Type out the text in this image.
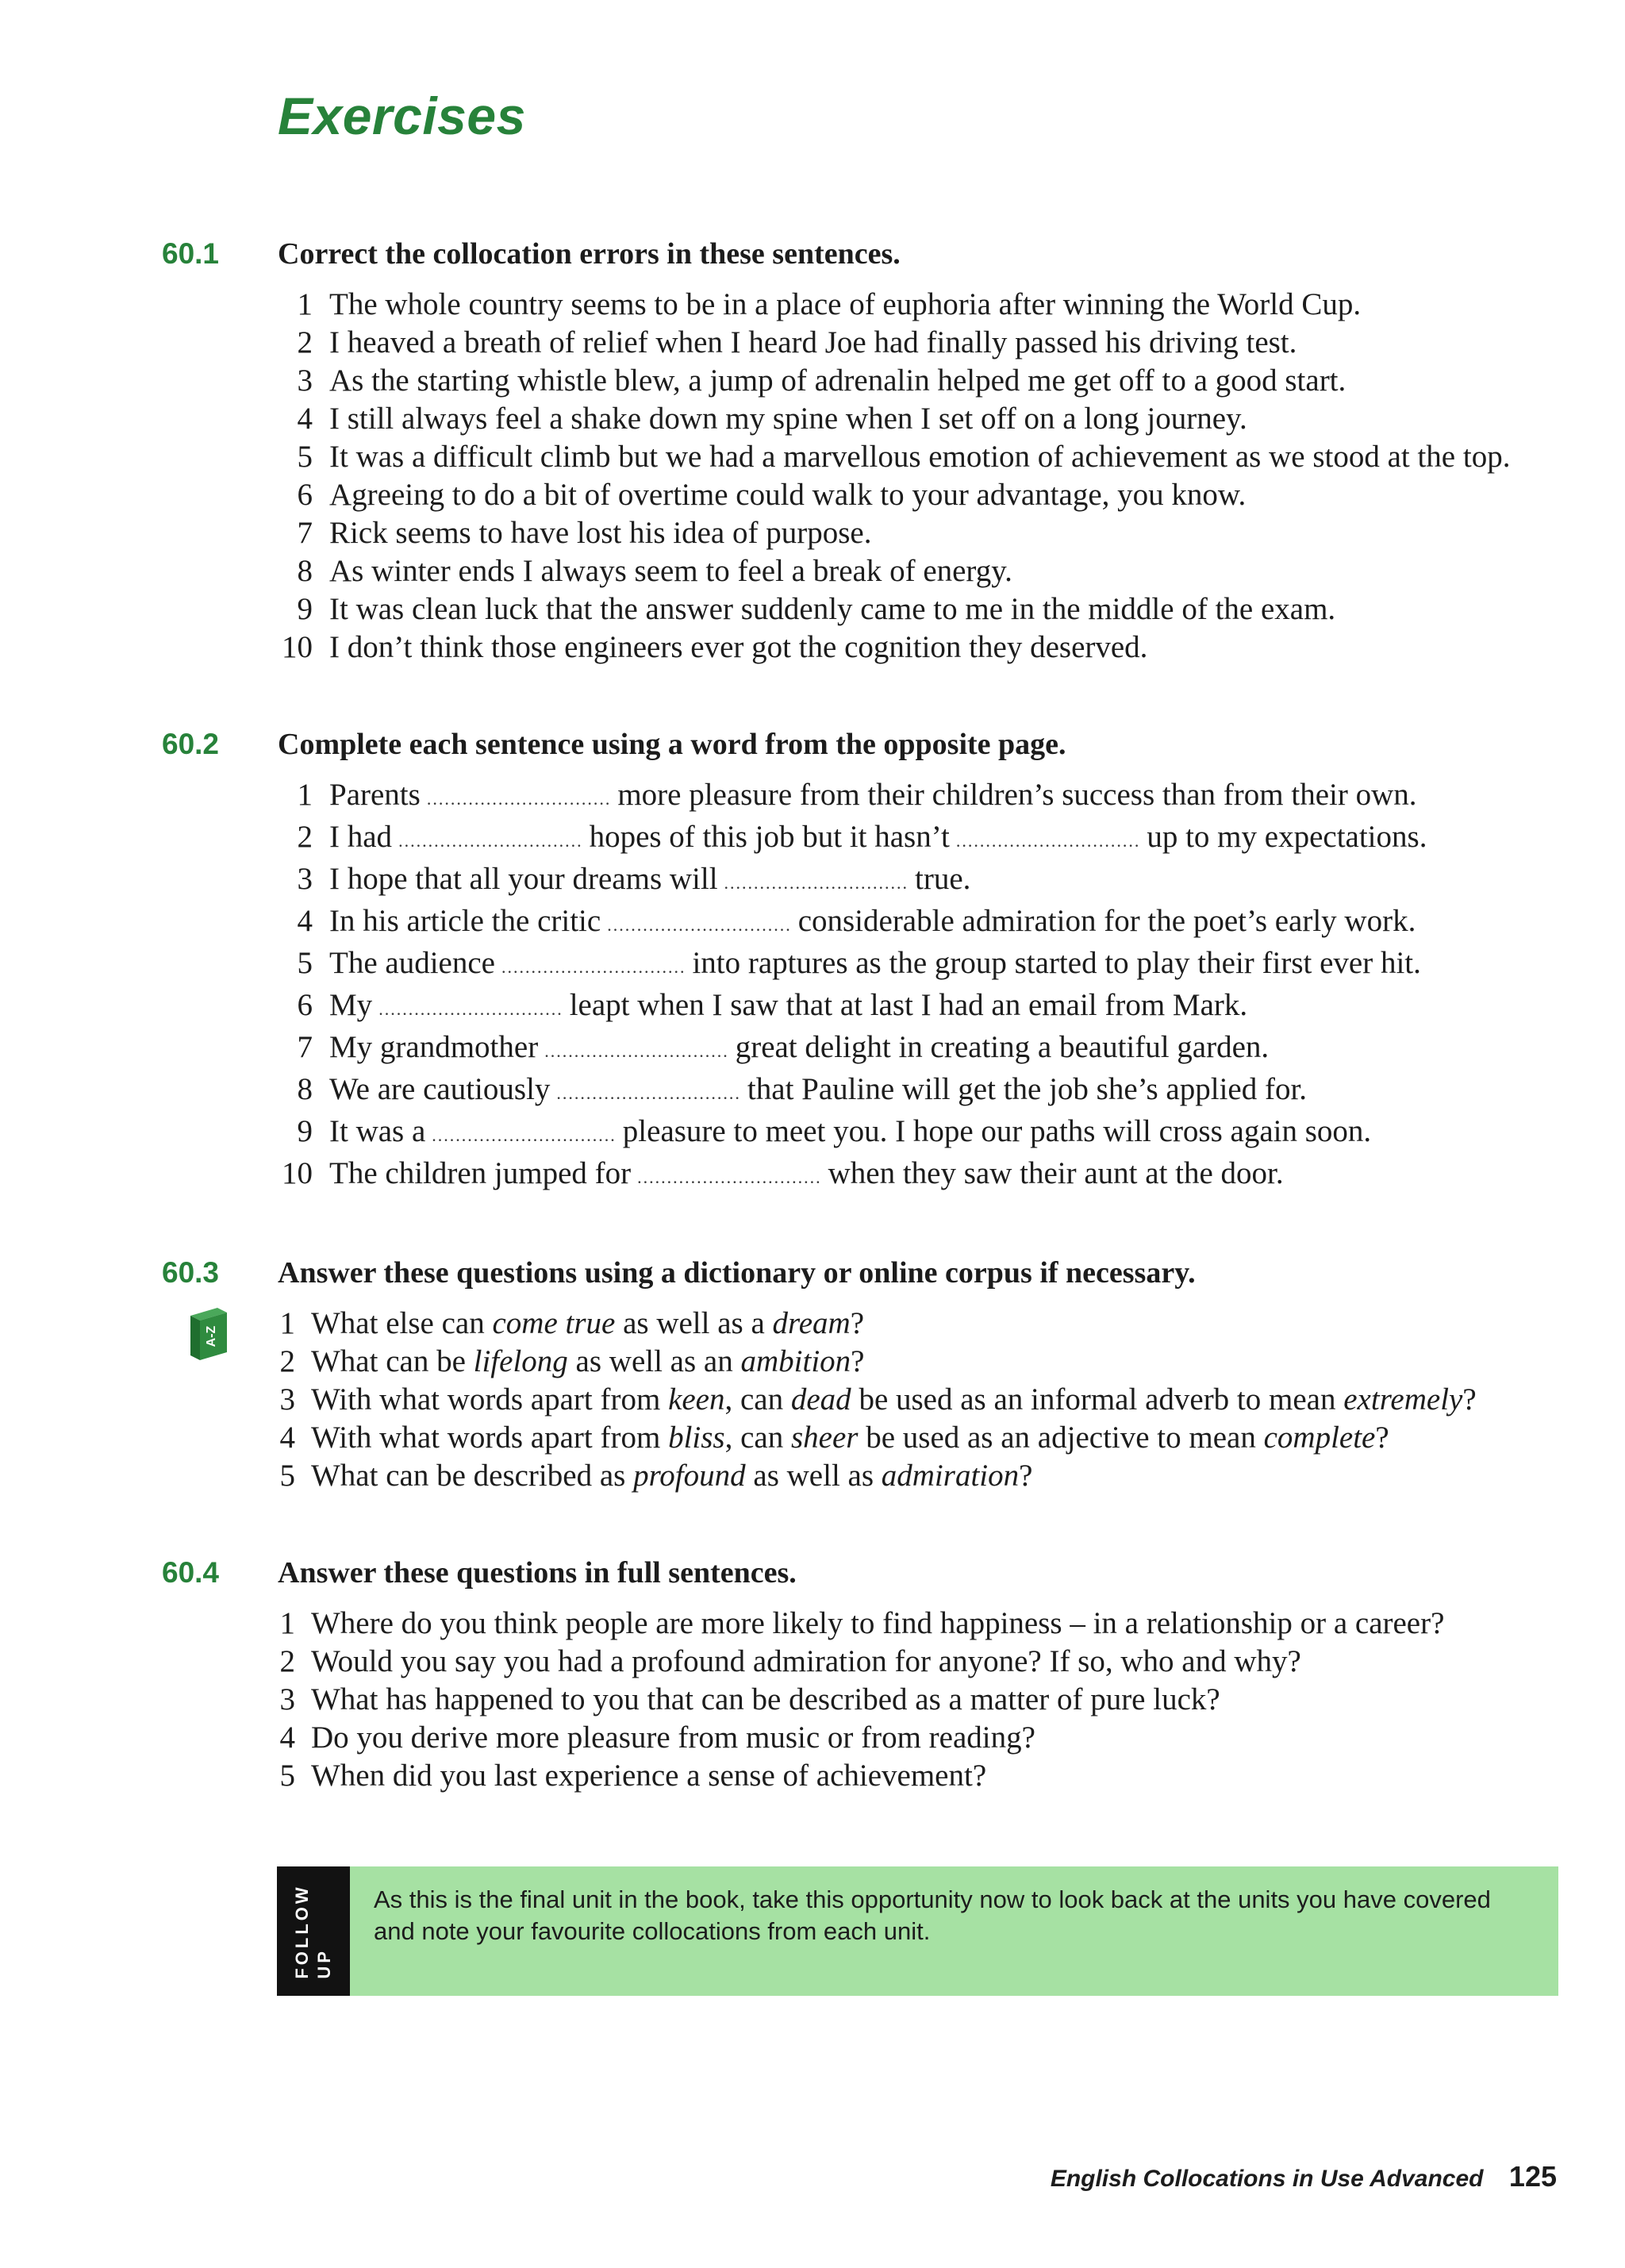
Exercises
60.1 Correct the collocation errors in these sentences.
1 The whole country seems to be in a place of euphoria after winning the World Cup.
2 I heaved a breath of relief when I heard Joe had finally passed his driving test.
3 As the starting whistle blew, a jump of adrenalin helped me get off to a good start.
4 I still always feel a shake down my spine when I set off on a long journey.
5 It was a difficult climb but we had a marvellous emotion of achievement as we stood at the top.
6 Agreeing to do a bit of overtime could walk to your advantage, you know.
7 Rick seems to have lost his idea of purpose.
8 As winter ends I always seem to feel a break of energy.
9 It was clean luck that the answer suddenly came to me in the middle of the exam.
10 I don’t think those engineers ever got the cognition they deserved.
60.2 Complete each sentence using a word from the opposite page.
1 Parents ............................... more pleasure from their children’s success than from their own.
2 I had ............................... hopes of this job but it hasn’t ............................... up to my expectations.
3 I hope that all your dreams will ............................... true.
4 In his article the critic ............................... considerable admiration for the poet’s early work.
5 The audience ............................... into raptures as the group started to play their first ever hit.
6 My ............................... leapt when I saw that at last I had an email from Mark.
7 My grandmother ............................... great delight in creating a beautiful garden.
8 We are cautiously ............................... that Pauline will get the job she’s applied for.
9 It was a ............................... pleasure to meet you. I hope our paths will cross again soon.
10 The children jumped for ............................... when they saw their aunt at the door.
60.3 Answer these questions using a dictionary or online corpus if necessary.
A-Z	1 What else can come true as well as a dream?
2 What can be lifelong as well as an ambition?
3 With what words apart from keen, can dead be used as an informal adverb to mean extremely?
4 With what words apart from bliss, can sheer be used as an adjective to mean complete?
5 What can be described as profound as well as admiration?
60.4 Answer these questions in full sentences.
1 Where do you think people are more likely to find happiness – in a relationship or a career?
2 Would you say you had a profound admiration for anyone? If so, who and why?
3 What has happened to you that can be described as a matter of pure luck?
4 Do you derive more pleasure from music or from reading?
5 When did you last experience a sense of achievement?
FOLLOW UP
As this is the final unit in the book, take this opportunity now to look back at the units you have covered and note your favourite collocations from each unit.
English Collocations in Use Advanced 125
